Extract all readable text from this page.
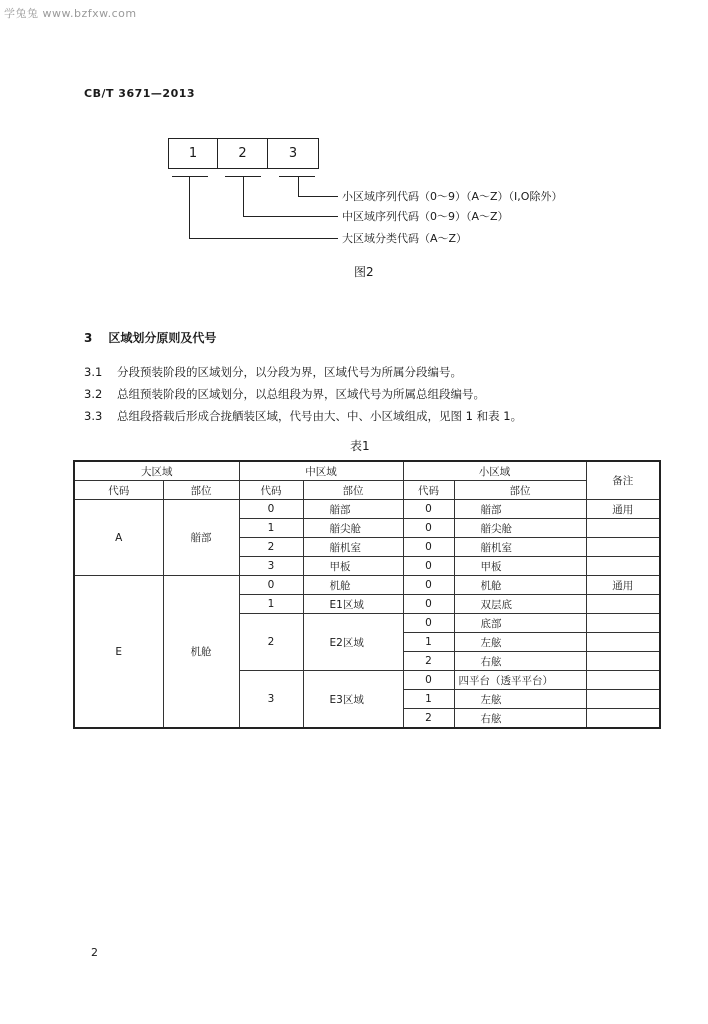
学兔兔 www.bzfxw.com
CB/T 3671—2013
1	2	3
小区域序列代码（0～9）（A～Z）（I,O除外）
中区域序列代码（0～9）（A～Z）
大区域分类代码（A～Z）
图2
3 区域划分原则及代号
3.1 分段预装阶段的区域划分，以分段为界，区域代号为所属分段编号。
3.2 总组预装阶段的区域划分，以总组段为界，区域代号为所属总组段编号。
3.3 总组段搭载后形成合拢舾装区域，代号由大、中、小区域组成，见图 1 和表 1。
表1
大区域		中区域		小区域		备注
代码	部位	代码	部位	代码	部位	
A	艏部	0	艏部	0	艏部	通用
		1	艏尖舱	0	艏尖舱	
		2	艏机室	0	艏机室	
		3	甲板	0	甲板	
E	机舱	0	机舱	0	机舱	通用
		1	E1区域	0	双层底	
		2	E2区域	0	底部	
				1	左舷	
				2	右舷	
		3	E3区域	0	四平台（透平平台）	
				1	左舷	
				2	右舷	
2
